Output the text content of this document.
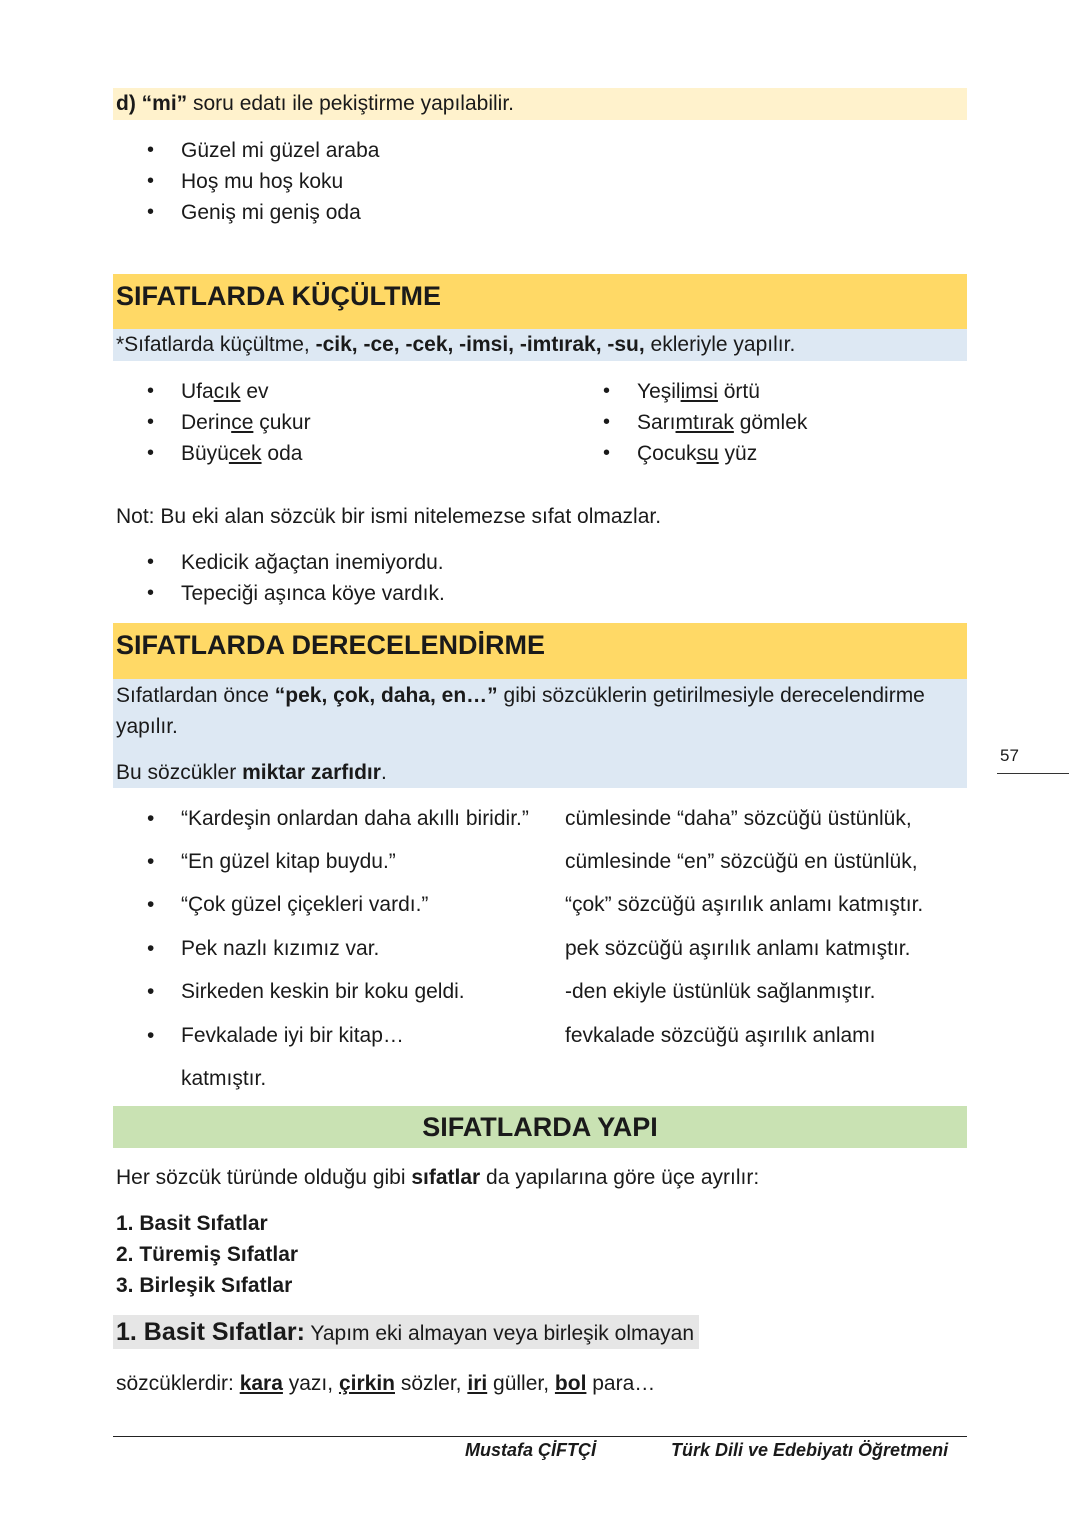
d) “mi” soru edatı ile pekiştirme yapılabilir.
• Güzel mi güzel araba
• Hoş mu hoş koku
• Geniş mi geniş oda
SIFATLARDA KÜÇÜLTME
*Sıfatlarda küçültme, -cik, -ce, -cek, -imsi, -imtırak, -su, ekleriyle yapılır.
• Ufacık ev
• Derince çukur
• Büyücek oda
• Yeşilimsi örtü
• Sarımtırak gömlek
• Çocuksu yüz
Not: Bu eki alan sözcük bir ismi nitelemezse sıfat olmazlar.
• Kedicik ağaçtan inemiyordu.
• Tepeciği aşınca köye vardık.
SIFATLARDA DERECELENDİRME
Sıfatlardan önce “pek, çok, daha, en…” gibi sözcüklerin getirilmesiyle derecelendirme
yapılır.
Bu sözcükler miktar zarfıdır.
• “Kardeşin onlardan daha akıllı biridir.” cümlesinde “daha” sözcüğü üstünlük,
• “En güzel kitap buydu.”	cümlesinde “en” sözcüğü en üstünlük,
• “Çok güzel çiçekleri vardı.”	“çok” sözcüğü aşırılık anlamı katmıştır.
• Pek nazlı kızımız var.	pek sözcüğü aşırılık anlamı katmıştır.
• Sirkeden keskin bir koku geldi.	-den ekiyle üstünlük sağlanmıştır.
• Fevkalade iyi bir kitap…	fevkalade sözcüğü aşırılık anlamı
katmıştır.
57
SIFATLARDA YAPI
Her sözcük türünde olduğu gibi sıfatlar da yapılarına göre üçe ayrılır:
1. Basit Sıfatlar
2. Türemiş Sıfatlar
3. Birleşik Sıfatlar
1. Basit Sıfatlar: Yapım eki almayan veya birleşik olmayan
sözcüklerdir: kara yazı, çirkin sözler, iri güller, bol para…
Mustafa ÇİFTÇİ	Türk Dili ve Edebiyatı Öğretmeni
